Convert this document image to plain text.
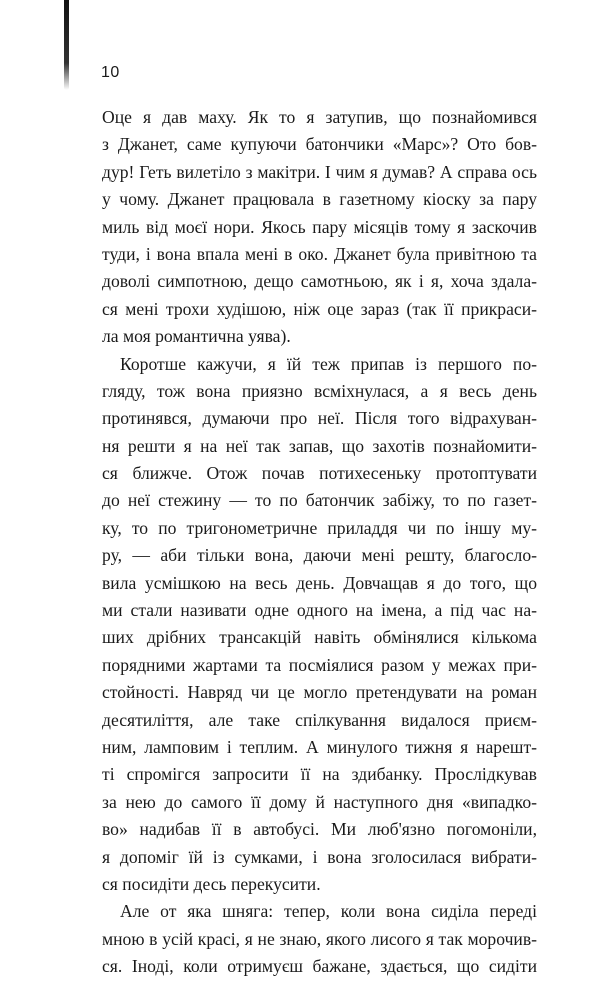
10
Оце я дав маху. Як то я затупив, що познайомився
з Джанет, саме купуючи батончики «Марс»? Ото бов-
дур! Геть вилетіло з макітри. І чим я думав? А справа ось
у чому. Джанет працювала в газетному кіоску за пару
миль від моєї нори. Якось пару місяців тому я заскочив
туди, і вона впала мені в око. Джанет була привітною та
доволі симпотною, дещо самотньою, як і я, хоча здала-
ся мені трохи худішою, ніж оце зараз (так її прикраси-
ла моя романтична уява).
Коротше кажучи, я їй теж припав із першого по-
гляду, тож вона приязно всміхнулася, а я весь день
протинявся, думаючи про неї. Після того відрахуван-
ня решти я на неї так запав, що захотів познайомити-
ся ближче. Отож почав потихесеньку протоптувати
до неї стежину — то по батончик забіжу, то по газет-
ку, то по тригонометричне приладдя чи по іншу му-
ру, — аби тільки вона, даючи мені решту, благосло-
вила усмішкою на весь день. Довчащав я до того, що
ми стали називати одне одного на імена, а під час на-
ших дрібних трансакцій навіть обмінялися кількома
порядними жартами та посміялися разом у межах при-
стойності. Навряд чи це могло претендувати на роман
десятиліття, але таке спілкування видалося приєм-
ним, ламповим і теплим. А минулого тижня я нарешт-
ті спромігся запросити її на здибанку. Прослідкував
за нею до самого її дому й наступного дня «випадко-
во» надибав її в автобусі. Ми люб'язно погомоніли,
я допоміг їй із сумками, і вона зголосилася вибрати-
ся посидіти десь перекусити.
Але от яка шняга: тепер, коли вона сиділа переді
мною в усій красі, я не знаю, якого лисого я так морочив-
ся. Іноді, коли отримуєш бажане, здається, що сидіти
